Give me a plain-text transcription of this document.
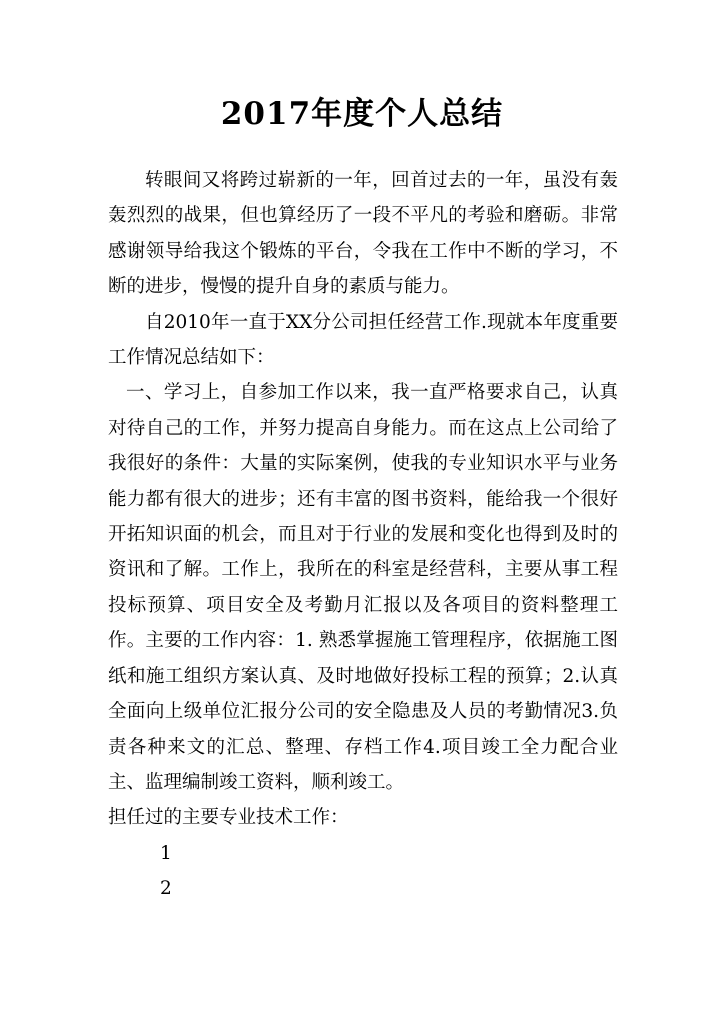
2017年度个人总结

转眼间又将跨过崭新的一年，回首过去的一年，虽没有轰轰烈烈的战果，但也算经历了一段不平凡的考验和磨砺。非常感谢领导给我这个锻炼的平台，令我在工作中不断的学习，不断的进步，慢慢的提升自身的素质与能力。

自2010年一直于XX分公司担任经营工作.现就本年度重要工作情况总结如下：

一、学习上，自参加工作以来，我一直严格要求自己，认真对待自己的工作，并努力提高自身能力。而在这点上公司给了我很好的条件：大量的实际案例，使我的专业知识水平与业务能力都有很大的进步；还有丰富的图书资料，能给我一个很好开拓知识面的机会，而且对于行业的发展和变化也得到及时的资讯和了解。工作上，我所在的科室是经营科，主要从事工程投标预算、项目安全及考勤月汇报以及各项目的资料整理工作。主要的工作内容：1. 熟悉掌握施工管理程序，依据施工图纸和施工组织方案认真、及时地做好投标工程的预算；2.认真全面向上级单位汇报分公司的安全隐患及人员的考勤情况3.负责各种来文的汇总、整理、存档工作4.项目竣工全力配合业主、监理编制竣工资料，顺利竣工。

担任过的主要专业技术工作：

1

2
